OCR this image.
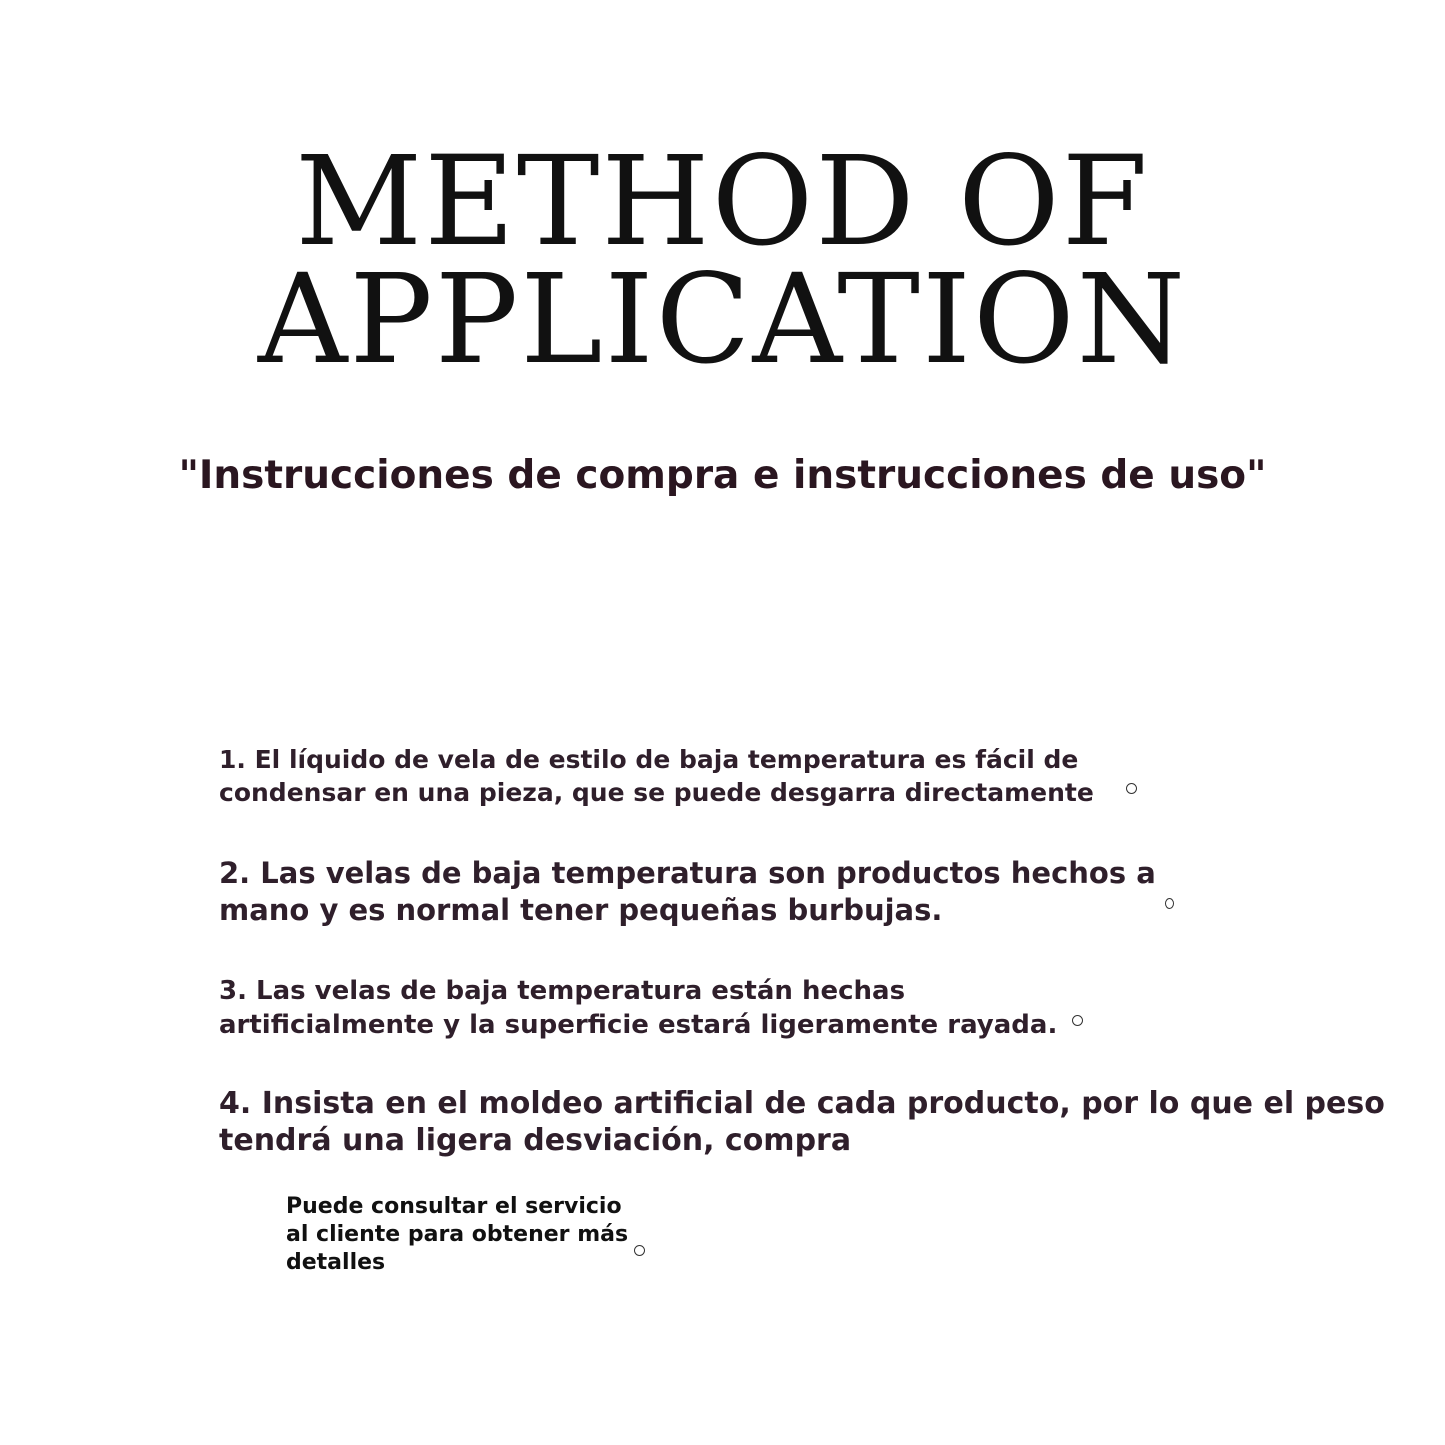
METHOD OF
APPLICATION
"Instrucciones de compra e instrucciones de uso"
1. El líquido de vela de estilo de baja temperatura es fácil de
condensar en una pieza, que se puede desgarra directamente
2. Las velas de baja temperatura son productos hechos a
mano y es normal tener pequeñas burbujas.
3. Las velas de baja temperatura están hechas
artificialmente y la superficie estará ligeramente rayada.
4. Insista en el moldeo artificial de cada producto, por lo que el peso
tendrá una ligera desviación, compra
Puede consultar el servicio
al cliente para obtener más
detalles
